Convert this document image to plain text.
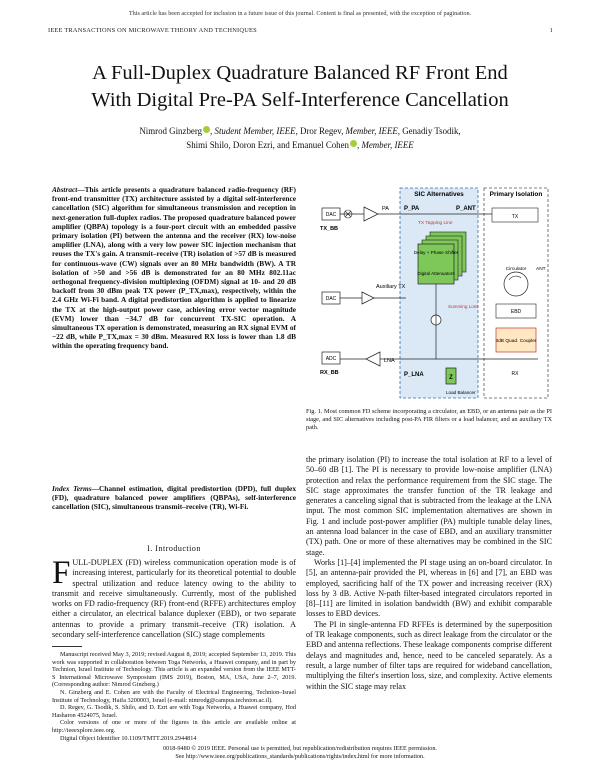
This article has been accepted for inclusion in a future issue of this journal. Content is final as presented, with the exception of pagination.
IEEE TRANSACTIONS ON MICROWAVE THEORY AND TECHNIQUES	1
A Full-Duplex Quadrature Balanced RF Front End
With Digital Pre-PA Self-Interference Cancellation
Nimrod Ginzberg , Student Member, IEEE, Dror Regev, Member, IEEE, Genadiy Tsodik,
Shimi Shilo, Doron Ezri, and Emanuel Cohen , Member, IEEE
Abstract—This article presents a quadrature balanced radio-frequency (RF) front-end transmitter (TX) architecture assisted by a digital self-interference cancellation (SIC) algorithm for simultaneous transmission and reception in next-generation full-duplex radios. The proposed quadrature balanced power amplifier (QBPA) topology is a four-port circuit with an embedded passive primary isolation (PI) between the antenna and the receiver (RX) low-noise amplifier (LNA), along with a very low power SIC injection mechanism that reuses the TX's gain. A transmit–receive (TR) isolation of >57 dB is measured for continuous-wave (CW) signals over an 80 MHz bandwidth (BW). A TR isolation of >50 and >56 dB is demonstrated for an 80 MHz 802.11ac orthogonal frequency-division multiplexing (OFDM) signal at 10- and 20 dB backoff from 30 dBm peak TX power (P_TX,max), respectively, within the 2.4 GHz Wi-Fi band. A digital predistortion algorithm is applied to linearize the TX at the high-output power case, achieving error vector magnitude (EVM) lower than −34.7 dB for concurrent TX-SIC operation. A simultaneous TX operation is demonstrated, measuring an RX signal EVM of −22 dB, while P_TX,max = 30 dBm. Measured RX loss is lower than 1.8 dB within the operating frequency band.
Index Terms—Channel estimation, digital predistortion (DPD), full duplex (FD), quadrature balanced power amplifiers (QBPAs), self-interference cancellation (SIC), simultaneous transmit–receive (TR), Wi-Fi.
I. Introduction

FULL-DUPLEX (FD) wireless communication operation mode is of increasing interest, particularly for its theoretical potential to double spectral utilization and reduce latency owing to the ability to transmit and receive simultaneously. Currently, most of the published works on FD radio-frequency (RF) front-end (RFFE) architectures employ either a circulator, an electrical balance duplexer (EBD), or two separate antennas to provide a primary transmit–receive (TR) isolation. A secondary self-interference cancellation (SIC) stage complements

Manuscript received May 3, 2019; revised August 8, 2019; accepted September 13, 2019. This work was supported in collaboration between Toga Networks, a Huawei company, and in part by Technion, Israel Institute of Technology. This article is an expanded version from the IEEE MTT-S International Microwave Symposium (IMS 2019), Boston, MA, USA, June 2–7, 2019. (Corresponding author: Nimrod Ginzberg.)

N. Ginzberg and E. Cohen are with the Faculty of Electrical Engineering, Technion–Israel Institute of Technology, Haifa 3200003, Israel (e-mail: nimrodg@campus.technion.ac.il).

D. Regev, G. Tsodik, S. Shilo, and D. Ezri are with Toga Networks, a Huawei company, Hod Hasharon 4524075, Israel.

Color versions of one or more of the figures in this article are available online at http://ieeexplore.ieee.org.

Digital Object Identifier 10.1109/TMTT.2019.2944814

SIC Alternatives	Primary Isolation
DAC
TX_BB
PA	P_PA	P_ANT
TX Tapping Line
Delay + Phase Shifter
Digital Attenuators
DAC
Auxiliary TX
Summing Loss
ADC
RX_BB
LNA
P_LNA	Z
Load Balancer
TX
Circulator ANT
EBD
3dB Quad. Coupler
RX
Fig. 1. Most common FD scheme incorporating a circulator, an EBD, or an antenna pair as the PI stage, and SIC alternatives including post-PA FIR filters or a load balancer, and an auxiliary TX path.

the primary isolation (PI) to increase the total isolation at RF to a level of 50–60 dB [1]. The PI is necessary to provide low-noise amplifier (LNA) protection and relax the performance requirement from the SIC stage. The SIC stage approximates the transfer function of the TR leakage and generates a canceling signal that is subtracted from the leakage at the LNA input. The most common SIC implementation alternatives are shown in Fig. 1 and include post-power amplifier (PA) multiple tunable delay lines, an antenna load balancer in the case of EBD, and an auxiliary transmitter (TX) path. One or more of these alternatives may be combined in the SIC stage.

Works [1]–[4] implemented the PI stage using an on-board circulator. In [5], an antenna-pair provided the PI, whereas in [6] and [7], an EBD was employed, sacrificing half of the TX power and increasing receiver (RX) loss by 3 dB. Active N-path filter-based integrated circulators reported in [8]–[11] are limited in isolation bandwidth (BW) and exhibit comparable losses to EBD devices.

The PI in single-antenna FD RFFEs is determined by the superposition of TR leakage components, such as direct leakage from the circulator or the EBD and antenna reflections. These leakage components comprise different delays and magnitudes and, hence, need to be canceled separately. As a result, a large number of filter taps are required for wideband cancellation, multiplying the filter's insertion loss, size, and complexity. Active elements within the SIC stage may relax

0018-9480 © 2019 IEEE. Personal use is permitted, but republication/redistribution requires IEEE permission.
See http://www.ieee.org/publications_standards/publications/rights/index.html for more information.
